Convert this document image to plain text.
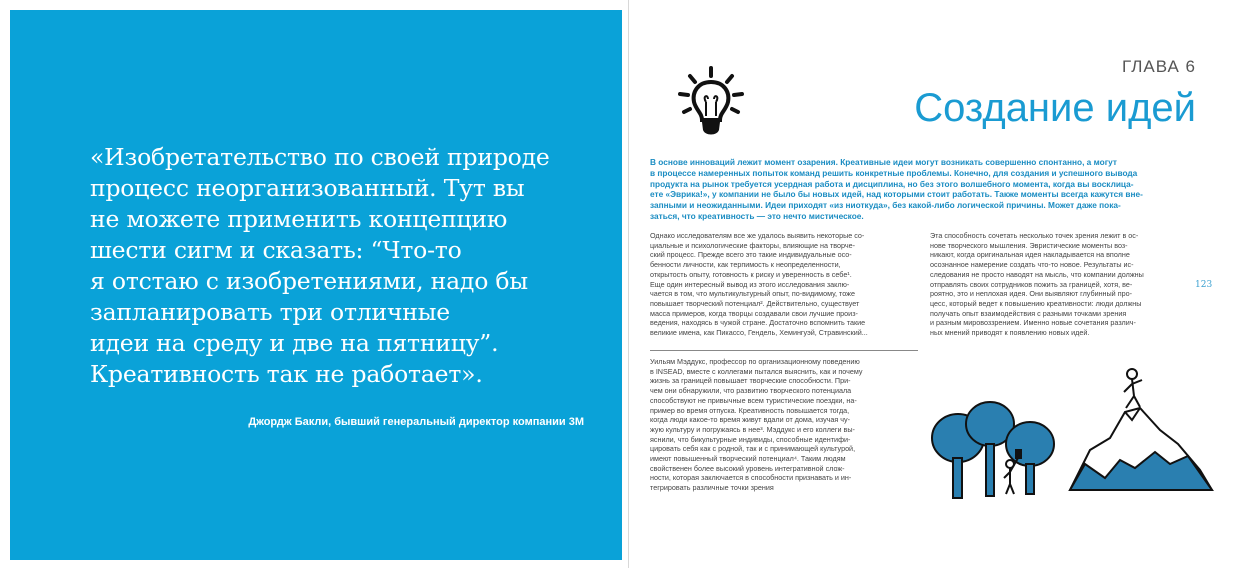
«Изобретательство по своей природе
процесс неорганизованный. Тут вы
не можете применить концепцию
шести сигм и сказать: “Что-то
я отстаю с изобретениями, надо бы
запланировать три отличные
идеи на среду и две на пятницу”.
Креативность так не работает».
Джордж Бакли, бывший генеральный директор компании 3M
ГЛАВА 6
Создание идей
В основе инноваций лежит момент озарения. Креативные идеи могут возникать совершенно спонтанно, а могут
в процессе намеренных попыток команд решить конкретные проблемы. Конечно, для создания и успешного вывода
продукта на рынок требуется усердная работа и дисциплина, но без этого волшебного момента, когда вы восклица-
ете «Эврика!», у компании не было бы новых идей, над которыми стоит работать. Также моменты всегда кажутся вне-
запными и неожиданными. Идеи приходят «из ниоткуда», без какой-либо логической причины. Может даже пока-
заться, что креативность — это нечто мистическое.
Однако исследователям все же удалось выявить некоторые со-
циальные и психологические факторы, влияющие на творче-
ский процесс. Прежде всего это такие индивидуальные осо-
бенности личности, как терпимость к неопределенности,
открытость опыту, готовность к риску и уверенность в себе¹.
Еще один интересный вывод из этого исследования заклю-
чается в том, что мультикультурный опыт, по-видимому, тоже
повышает творческий потенциал². Действительно, существует
масса примеров, когда творцы создавали свои лучшие произ-
ведения, находясь в чужой стране. Достаточно вспомнить такие
великие имена, как Пикассо, Гендель, Хемингуэй, Стравинский...
Уильям Мэддукс, профессор по организационному поведению
в INSEAD, вместе с коллегами пытался выяснить, как и почему
жизнь за границей повышает творческие способности. При-
чем они обнаружили, что развитию творческого потенциала
способствуют не привычные всем туристические поездки, на-
пример во время отпуска. Креативность повышается тогда,
когда люди какое-то время живут вдали от дома, изучая чу-
жую культуру и погружаясь в нее³. Мэддукс и его коллеги вы-
яснили, что бикультурные индивиды, способные идентифи-
цировать себя как с родной, так и с принимающей культурой,
имеют повышенный творческий потенциал⁴. Таким людям
свойственен более высокий уровень интегративной слож-
ности, которая заключается в способности признавать и ин-
тегрировать различные точки зрения
Эта способность сочетать несколько точек зрения лежит в ос-
нове творческого мышления. Эвристические моменты воз-
никают, когда оригинальная идея накладывается на вполне
осознанное намерение создать что-то новое. Результаты ис-
следования не просто наводят на мысль, что компании должны
отправлять своих сотрудников пожить за границей, хотя, ве-
роятно, это и неплохая идея. Они выявляют глубинный про-
цесс, который ведет к повышению креативности: люди должны
получать опыт взаимодействия с разными точками зрения
и разным мировоззрением. Именно новые сочетания различ-
ных мнений приводят к появлению новых идей.
123
